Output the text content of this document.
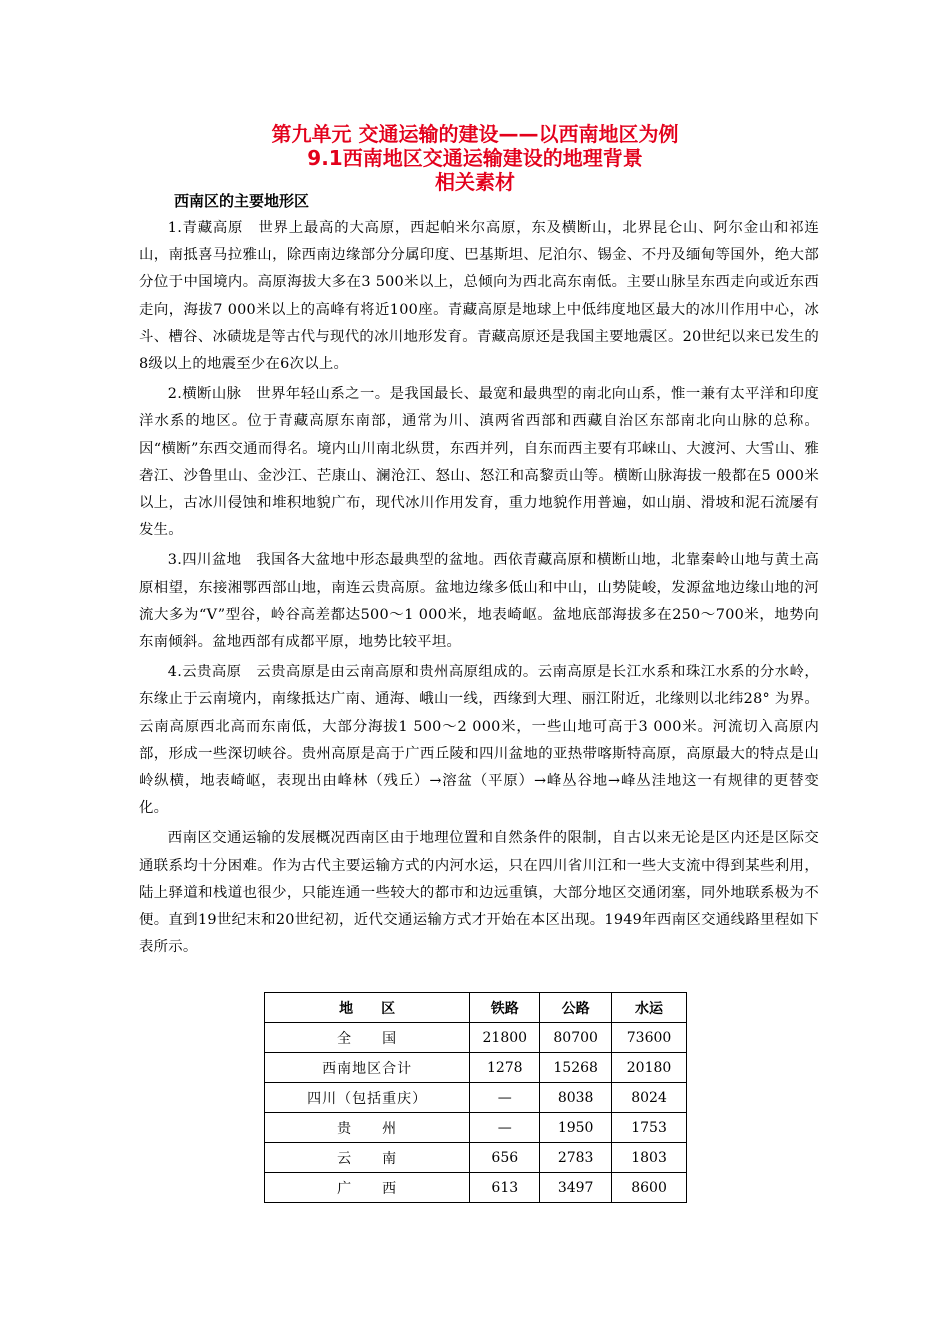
第九单元 交通运输的建设——以西南地区为例
9.1西南地区交通运输建设的地理背景
相关素材
西南区的主要地形区

1.青藏高原　世界上最高的大高原，西起帕米尔高原，东及横断山，北界昆仑山、阿尔金山和祁连山，南抵喜马拉雅山，除西南边缘部分分属印度、巴基斯坦、尼泊尔、锡金、不丹及缅甸等国外，绝大部分位于中国境内。高原海拔大多在3 500米以上，总倾向为西北高东南低。主要山脉呈东西走向或近东西走向，海拔7 000米以上的高峰有将近100座。青藏高原是地球上中低纬度地区最大的冰川作用中心，冰斗、槽谷、冰碛垅是等古代与现代的冰川地形发育。青藏高原还是我国主要地震区。20世纪以来已发生的8级以上的地震至少在6次以上。

2.横断山脉　世界年轻山系之一。是我国最长、最宽和最典型的南北向山系，惟一兼有太平洋和印度洋水系的地区。位于青藏高原东南部，通常为川、滇两省西部和西藏自治区东部南北向山脉的总称。因“横断”东西交通而得名。境内山川南北纵贯，东西并列，自东而西主要有邛崃山、大渡河、大雪山、雅砻江、沙鲁里山、金沙江、芒康山、澜沧江、怒山、怒江和高黎贡山等。横断山脉海拔一般都在5 000米以上，古冰川侵蚀和堆积地貌广布，现代冰川作用发育，重力地貌作用普遍，如山崩、滑坡和泥石流屡有发生。

3.四川盆地　我国各大盆地中形态最典型的盆地。西依青藏高原和横断山地，北靠秦岭山地与黄土高原相望，东接湘鄂西部山地，南连云贵高原。盆地边缘多低山和中山，山势陡峻，发源盆地边缘山地的河流大多为“V”型谷，岭谷高差都达500～1 000米，地表崎岖。盆地底部海拔多在250～700米，地势向东南倾斜。盆地西部有成都平原，地势比较平坦。

4.云贵高原　云贵高原是由云南高原和贵州高原组成的。云南高原是长江水系和珠江水系的分水岭，东缘止于云南境内，南缘抵达广南、通海、峨山一线，西缘到大理、丽江附近，北缘则以北纬28° 为界。云南高原西北高而东南低，大部分海拔1 500～2 000米，一些山地可高于3 000米。河流切入高原内部，形成一些深切峡谷。贵州高原是高于广西丘陵和四川盆地的亚热带喀斯特高原，高原最大的特点是山岭纵横，地表崎岖，表现出由峰林（残丘）→溶盆（平原）→峰丛谷地→峰丛洼地这一有规律的更替变化。

西南区交通运输的发展概况西南区由于地理位置和自然条件的限制，自古以来无论是区内还是区际交通联系均十分困难。作为古代主要运输方式的内河水运，只在四川省川江和一些大支流中得到某些利用，陆上驿道和栈道也很少，只能连通一些较大的都市和边远重镇，大部分地区交通闭塞，同外地联系极为不便。直到19世纪末和20世纪初，近代交通运输方式才开始在本区出现。1949年西南区交通线路里程如下表所示。

地　　区	铁路	公路	水运
全　　国	21800	80700	73600
西南地区合计	1278	15268	20180
四川（包括重庆）	—	8038	8024
贵　　州	—	1950	1753
云　　南	656	2783	1803
广　　西	613	3497	8600
